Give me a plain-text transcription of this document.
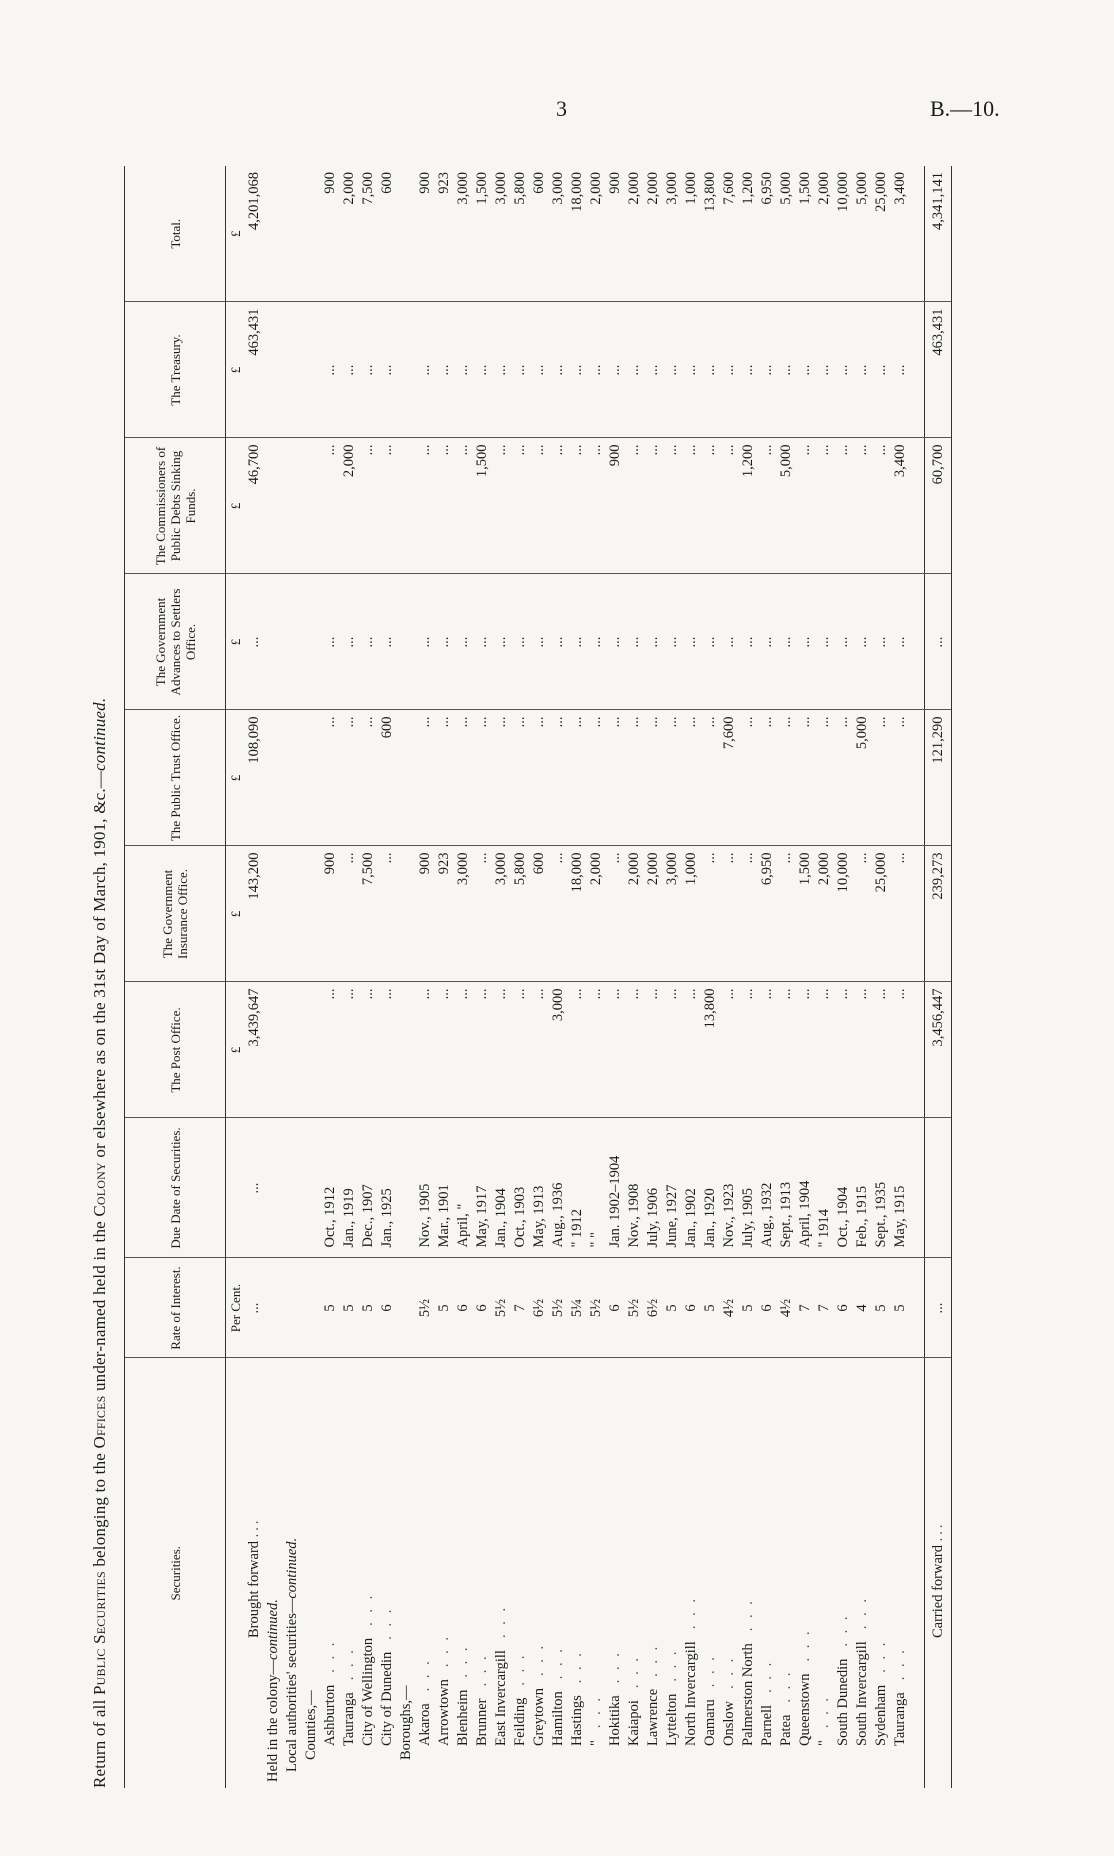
3	B.—10.
Return of all Public Securities belonging to the Offices under-named held in the Colony or elsewhere as on the 31st Day of March, 1901, &c.—continued.
Securities.	Rate of Interest.	Due Date of Securities.	The Post Office.	The Government Insurance Office.	The Public Trust Office.	The Government Advances to Settlers Office.	The Commissioners of Public Debts Sinking Funds.	The Treasury.	Total.
	Per Cent.		£	£	£	£	£	£	£
Brought forward ...	...	...	3,439,647	143,200	108,090	...	46,700	463,431	4,201,068
Held in the colony—continued.									
Local authorities' securities—continued.									
Counties,—									
Ashburton. . .	5	Oct., 1912	...	900	...	...	...	...	900
Tauranga. . .	5	Jan., 1919	...	...	...	...	2,000	...	2,000
City of Wellington. . .	5	Dec., 1907	...	7,500	...	...	...	...	7,500
City of Dunedin. . .	6	Jan., 1925	...	...	600	...	...	...	600
Boroughs,—									
Akaroa. . .	5½	Nov., 1905	...	900	...	...	...	...	900
Arrowtown. . .	5	Mar., 1901	...	923	...	...	...	...	923
Blenheim. . .	6	April, "	...	3,000	...	...	...	...	3,000
Brunner. . .	6	May, 1917	...	...	...	...	1,500	...	1,500
East Invercargill. . .	5½	Jan., 1904	...	3,000	...	...	...	...	3,000
Feilding. . .	7	Oct., 1903	...	5,800	...	...	...	...	5,800
Greytown. . .	6½	May, 1913	...	600	...	...	...	...	600
Hamilton. . .	5½	Aug., 1936	3,000	...	...	...	...	...	3,000
Hastings. . .	5¼	" 1912	...	18,000	...	...	...	...	18,000
". . .	5½	" "	...	2,000	...	...	...	...	2,000
Hokitika. . .	6	Jan. 1902–1904	...	...	...	...	900	...	900
Kaiapoi. . .	5½	Nov., 1908	...	2,000	...	...	...	...	2,000
Lawrence. . .	6½	July, 1906	...	2,000	...	...	...	...	2,000
Lyttelton. . .	5	June, 1927	...	3,000	...	...	...	...	3,000
North Invercargill. . .	6	Jan., 1902	...	1,000	...	...	...	...	1,000
Oamaru. . .	5	Jan., 1920	13,800	...	...	...	...	...	13,800
Onslow. . .	4½	Nov., 1923	...	...	7,600	...	...	...	7,600
Palmerston North. . .	5	July, 1905	...	...	...	...	1,200	...	1,200
Parnell. . .	6	Aug., 1932	...	6,950	...	...	...	...	6,950
Patea. . .	4½	Sept., 1913	...	...	...	...	5,000	...	5,000
Queenstown. . .	7	April, 1904	...	1,500	...	...	...	...	1,500
". . .	7	" 1914	...	2,000	...	...	...	...	2,000
South Dunedin. . .	6	Oct., 1904	...	10,000	...	...	...	...	10,000
South Invercargill. . .	4	Feb., 1915	...	...	5,000	...	...	...	5,000
Sydenham. . .	5	Sept., 1935	...	25,000	...	...	...	...	25,000
Tauranga. . .	5	May, 1915	...	...	...	...	3,400	...	3,400

Carried forward ...	...		3,456,447	239,273	121,290	...	60,700	463,431	4,341,141
